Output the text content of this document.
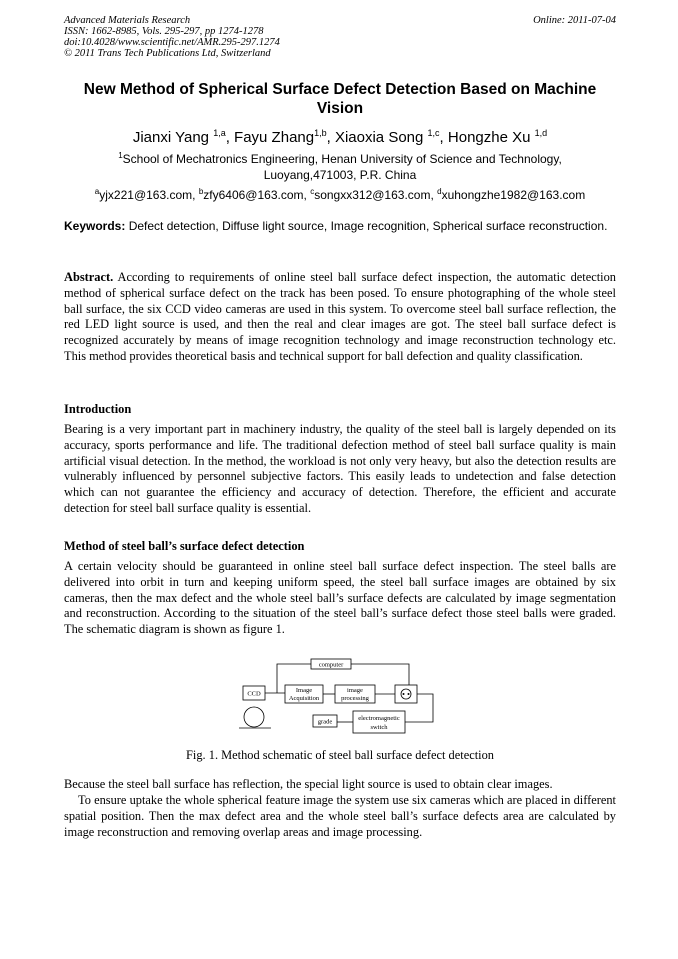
Advanced Materials Research
ISSN: 1662-8985, Vols. 295-297, pp 1274-1278
doi:10.4028/www.scientific.net/AMR.295-297.1274
© 2011 Trans Tech Publications Ltd, Switzerland
Online: 2011-07-04
New Method of Spherical Surface Defect Detection Based on Machine Vision
Jianxi Yang $^{1,a}$, Fayu Zhang$^{1,b}$, Xiaoxia Song $^{1,c}$, Hongzhe Xu $^{1,d}$
$^1$School of Mechatronics Engineering, Henan University of Science and Technology, Luoyang,471003, P.R. China
$^a$yjx221@163.com, $^b$zfy6406@163.com, $^c$songxx312@163.com, $^d$xuhongzhe1982@163.com
Keywords: Defect detection, Diffuse light source, Image recognition, Spherical surface reconstruction.
Abstract. According to requirements of online steel ball surface defect inspection, the automatic detection method of spherical surface defect on the track has been posed. To ensure photographing of the whole steel ball surface, the six CCD video cameras are used in this system. To overcome steel ball surface reflection, the red LED light source is used, and then the real and clear images are got. The steel ball surface defect is recognized accurately by means of image recognition technology and image reconstruction technology etc. This method provides theoretical basis and technical support for ball defection and quality classification.
Introduction
Bearing is a very important part in machinery industry, the quality of the steel ball is largely depended on its accuracy, sports performance and life. The traditional defection method of steel ball surface quality is main artificial visual detection. In the method, the workload is not only very heavy, but also the detection results are vulnerably influenced by personnel subjective factors. This easily leads to undetection and false detection which can not guarantee the efficiency and accuracy of detection. Therefore, the efficient and accurate detection for steel ball surface quality is essential.
Method of steel ball’s surface defect detection
A certain velocity should be guaranteed in online steel ball surface defect inspection. The steel balls are delivered into orbit in turn and keeping uniform speed, the steel ball surface images are obtained by six cameras, then the max defect and the whole steel ball’s surface defects are calculated by image segmentation and reconstruction. According to the situation of the steel ball’s surface defect those steel balls were graded. The schematic diagram is shown as figure 1.
computer
CCD	Image
Acquisition
image
processing
grade	electromagnetic
switch
Fig. 1. Method schematic of steel ball surface defect detection
Because the steel ball surface has reflection, the special light source is used to obtain clear images.
To ensure uptake the whole spherical feature image the system use six cameras which are placed in different spatial position. Then the max defect area and the whole steel ball’s surface defects area are calculated by image reconstruction and removing overlap areas and image processing.
